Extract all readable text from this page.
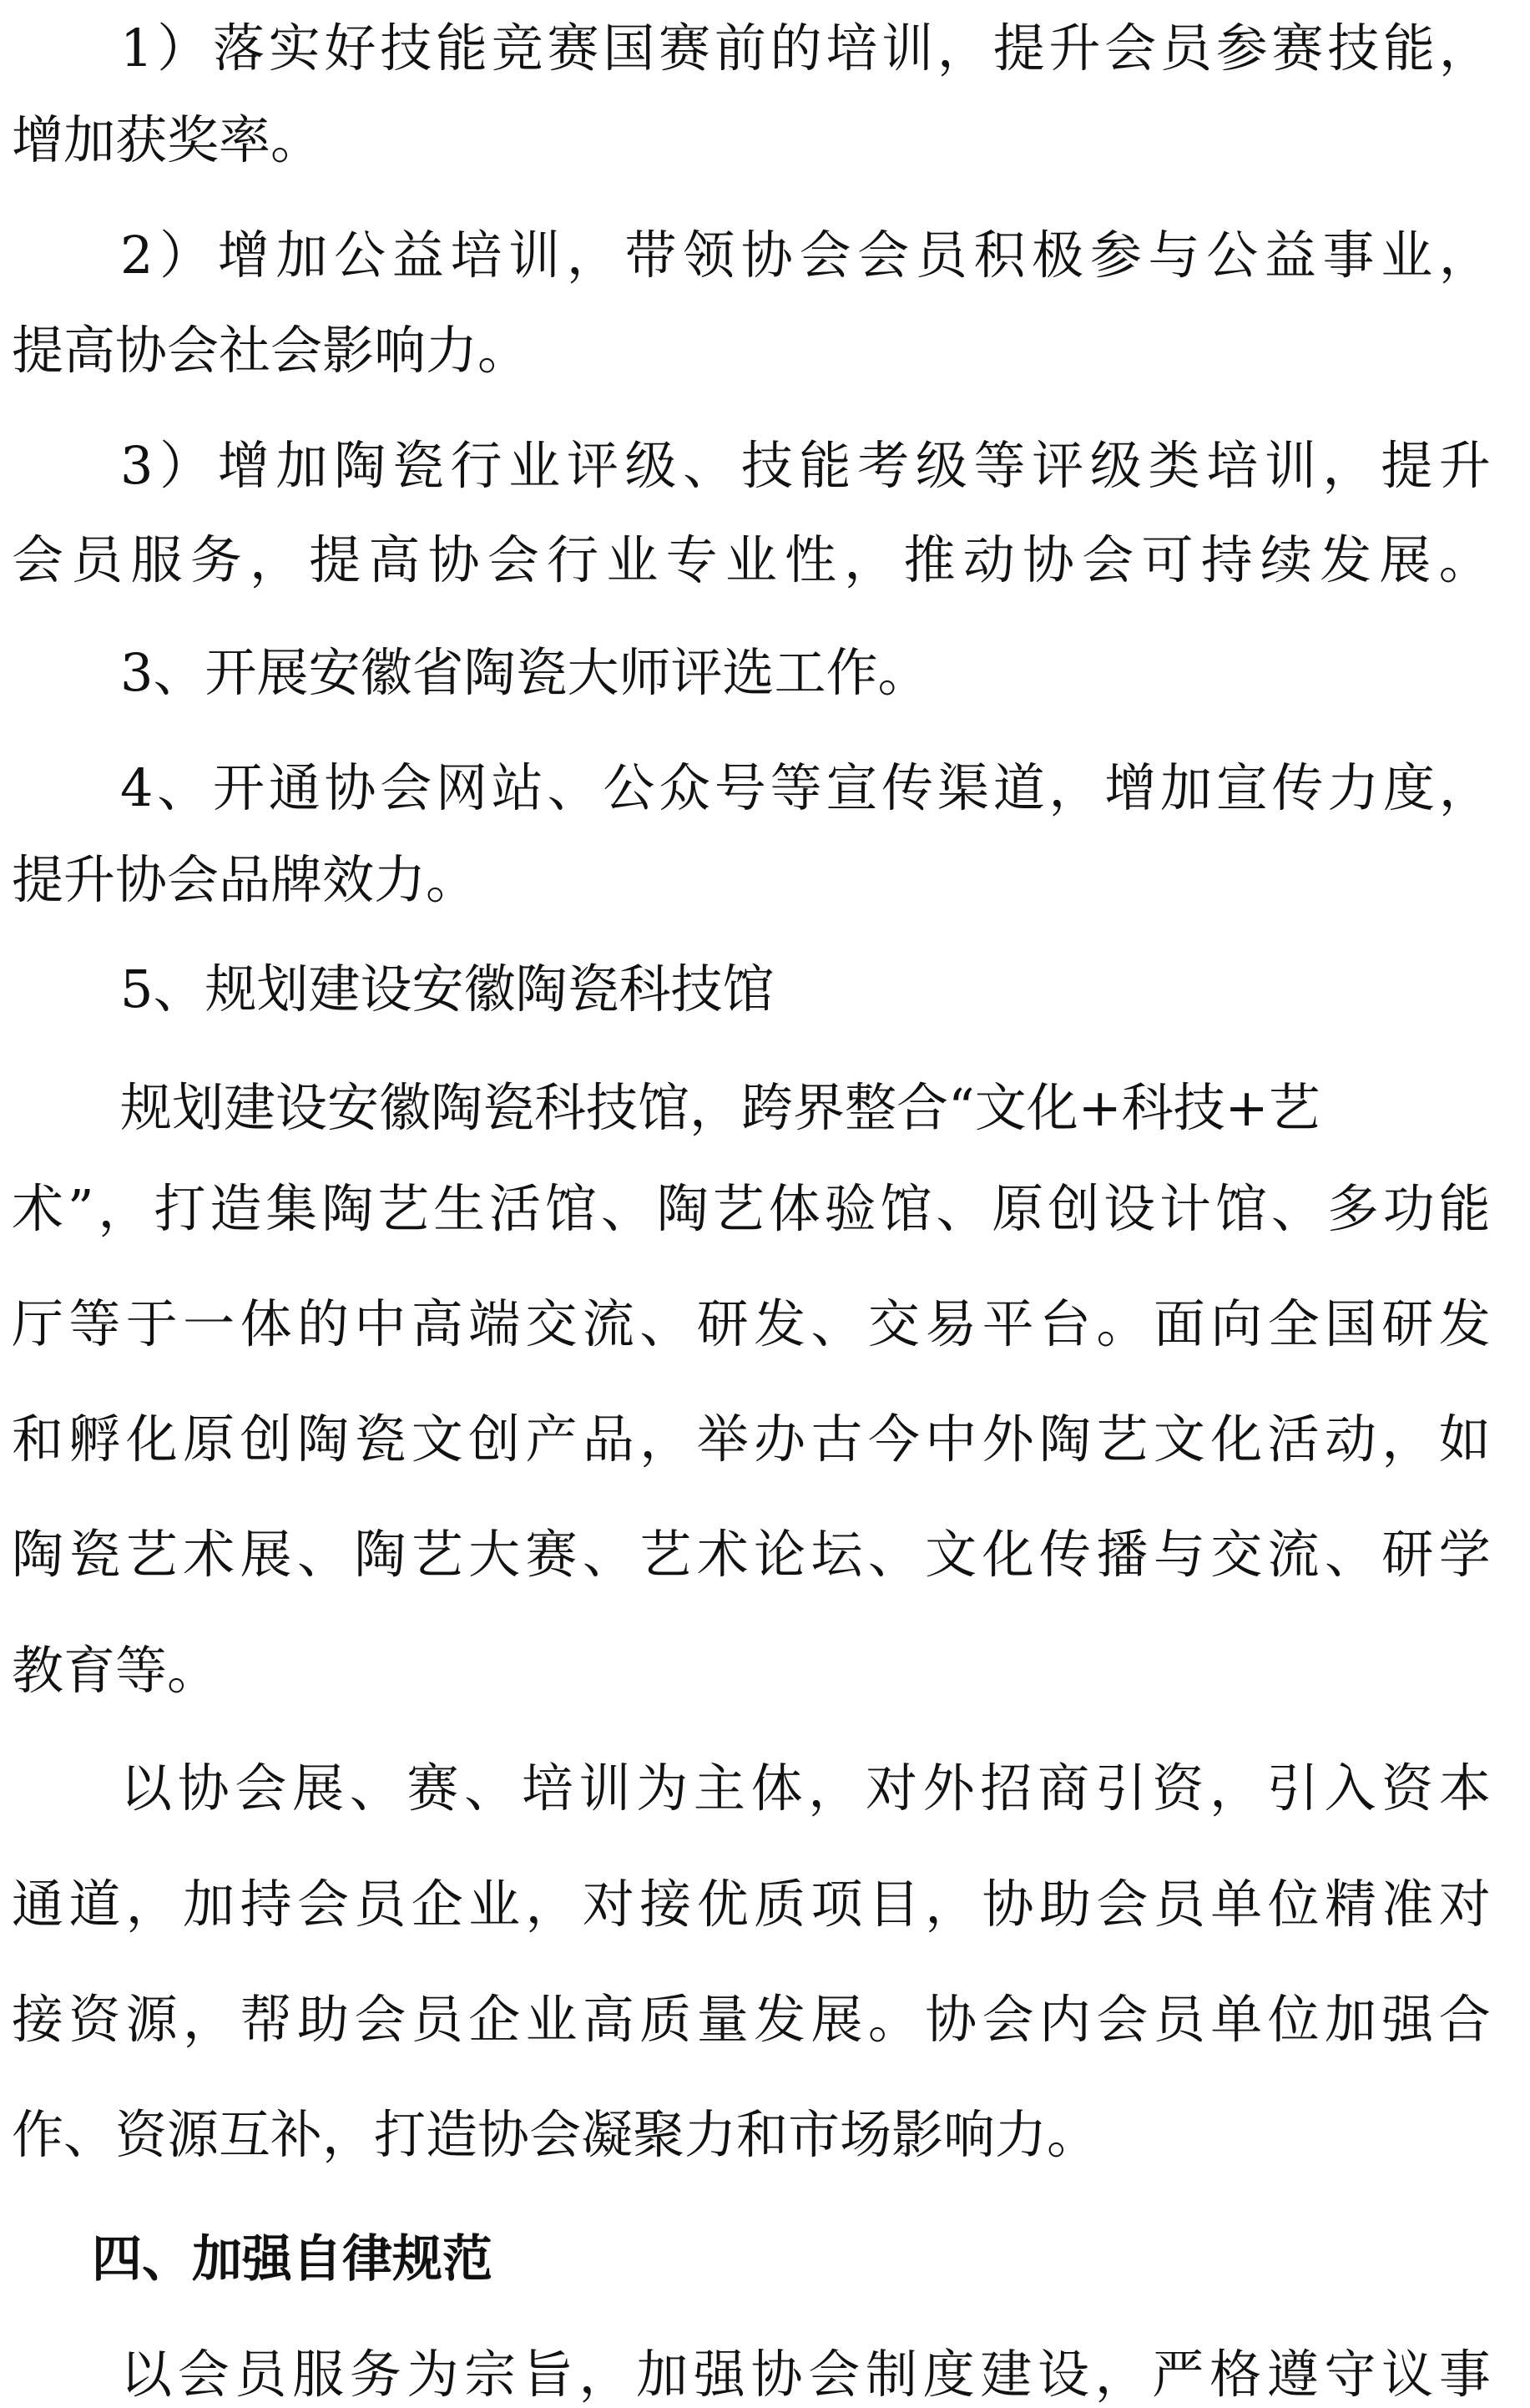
1 ） 落 实 好 技 能 竞 赛 国 赛 前 的 培 训 ， 提 升 会 员 参 赛 技 能 ，
增加获奖率。
2 ） 增 加 公 益 培 训 ， 带 领 协 会 会 员 积 极 参 与 公 益 事 业 ，
提高协会社会影响力。
3 ） 增 加 陶 瓷 行 业 评 级 、 技 能 考 级 等 评 级 类 培 训 ， 提 升
会 员 服 务 ， 提 高 协 会 行 业 专 业 性 ， 推 动 协 会 可 持 续 发 展 。
3、开展安徽省陶瓷大师评选工作。
4 、 开 通 协 会 网 站 、 公 众 号 等 宣 传 渠 道 ， 增 加 宣 传 力 度 ，
提升协会品牌效力。
5、规划建设安徽陶瓷科技馆
规划建设安徽陶瓷科技馆，跨界整合“文化+科技+艺
术 ” ， 打 造 集 陶 艺 生 活 馆 、 陶 艺 体 验 馆 、 原 创 设 计 馆 、 多 功 能
厅 等 于 一 体 的 中 高 端 交 流 、 研 发 、 交 易 平 台 。 面 向 全 国 研 发
和 孵 化 原 创 陶 瓷 文 创 产 品 ， 举 办 古 今 中 外 陶 艺 文 化 活 动 ， 如
陶 瓷 艺 术 展 、 陶 艺 大 赛 、 艺 术 论 坛 、 文 化 传 播 与 交 流 、 研 学
教育等。
以 协 会 展 、 赛 、 培 训 为 主 体 ， 对 外 招 商 引 资 ， 引 入 资 本
通 道 ， 加 持 会 员 企 业 ， 对 接 优 质 项 目 ， 协 助 会 员 单 位 精 准 对
接 资 源 ， 帮 助 会 员 企 业 高 质 量 发 展 。 协 会 内 会 员 单 位 加 强 合
作、资源互补，打造协会凝聚力和市场影响力。
四、加强自律规范
以 会 员 服 务 为 宗 旨 ， 加 强 协 会 制 度 建 设 ， 严 格 遵 守 议 事
